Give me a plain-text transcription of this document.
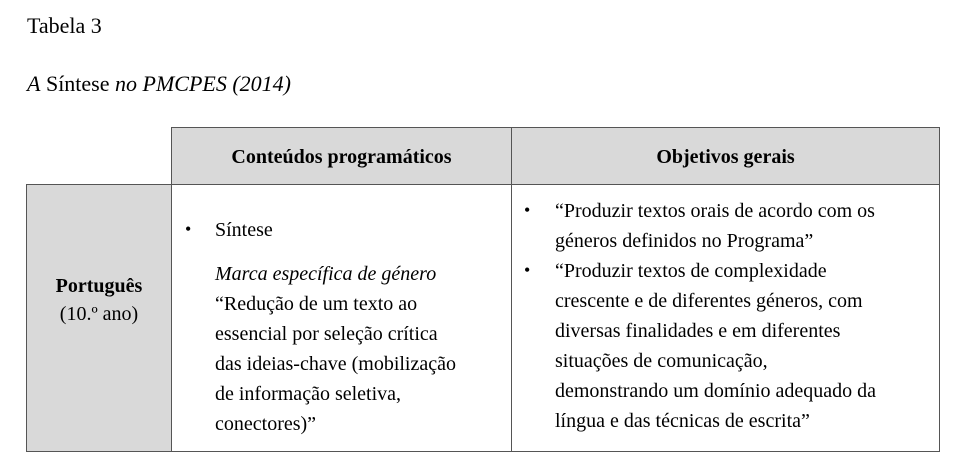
Tabela 3
A Síntese no PMCPES (2014)
Conteúdos programáticos	Objetivos gerais
Português
(10.º ano)
• Síntese
Marca específica de género
“Redução de um texto ao
essencial por seleção crítica
das ideias-chave (mobilização
de informação seletiva,
conectores)”
• “Produzir textos orais de acordo com os
géneros definidos no Programa”
• “Produzir textos de complexidade
crescente e de diferentes géneros, com
diversas finalidades e em diferentes
situações de comunicação,
demonstrando um domínio adequado da
língua e das técnicas de escrita”
